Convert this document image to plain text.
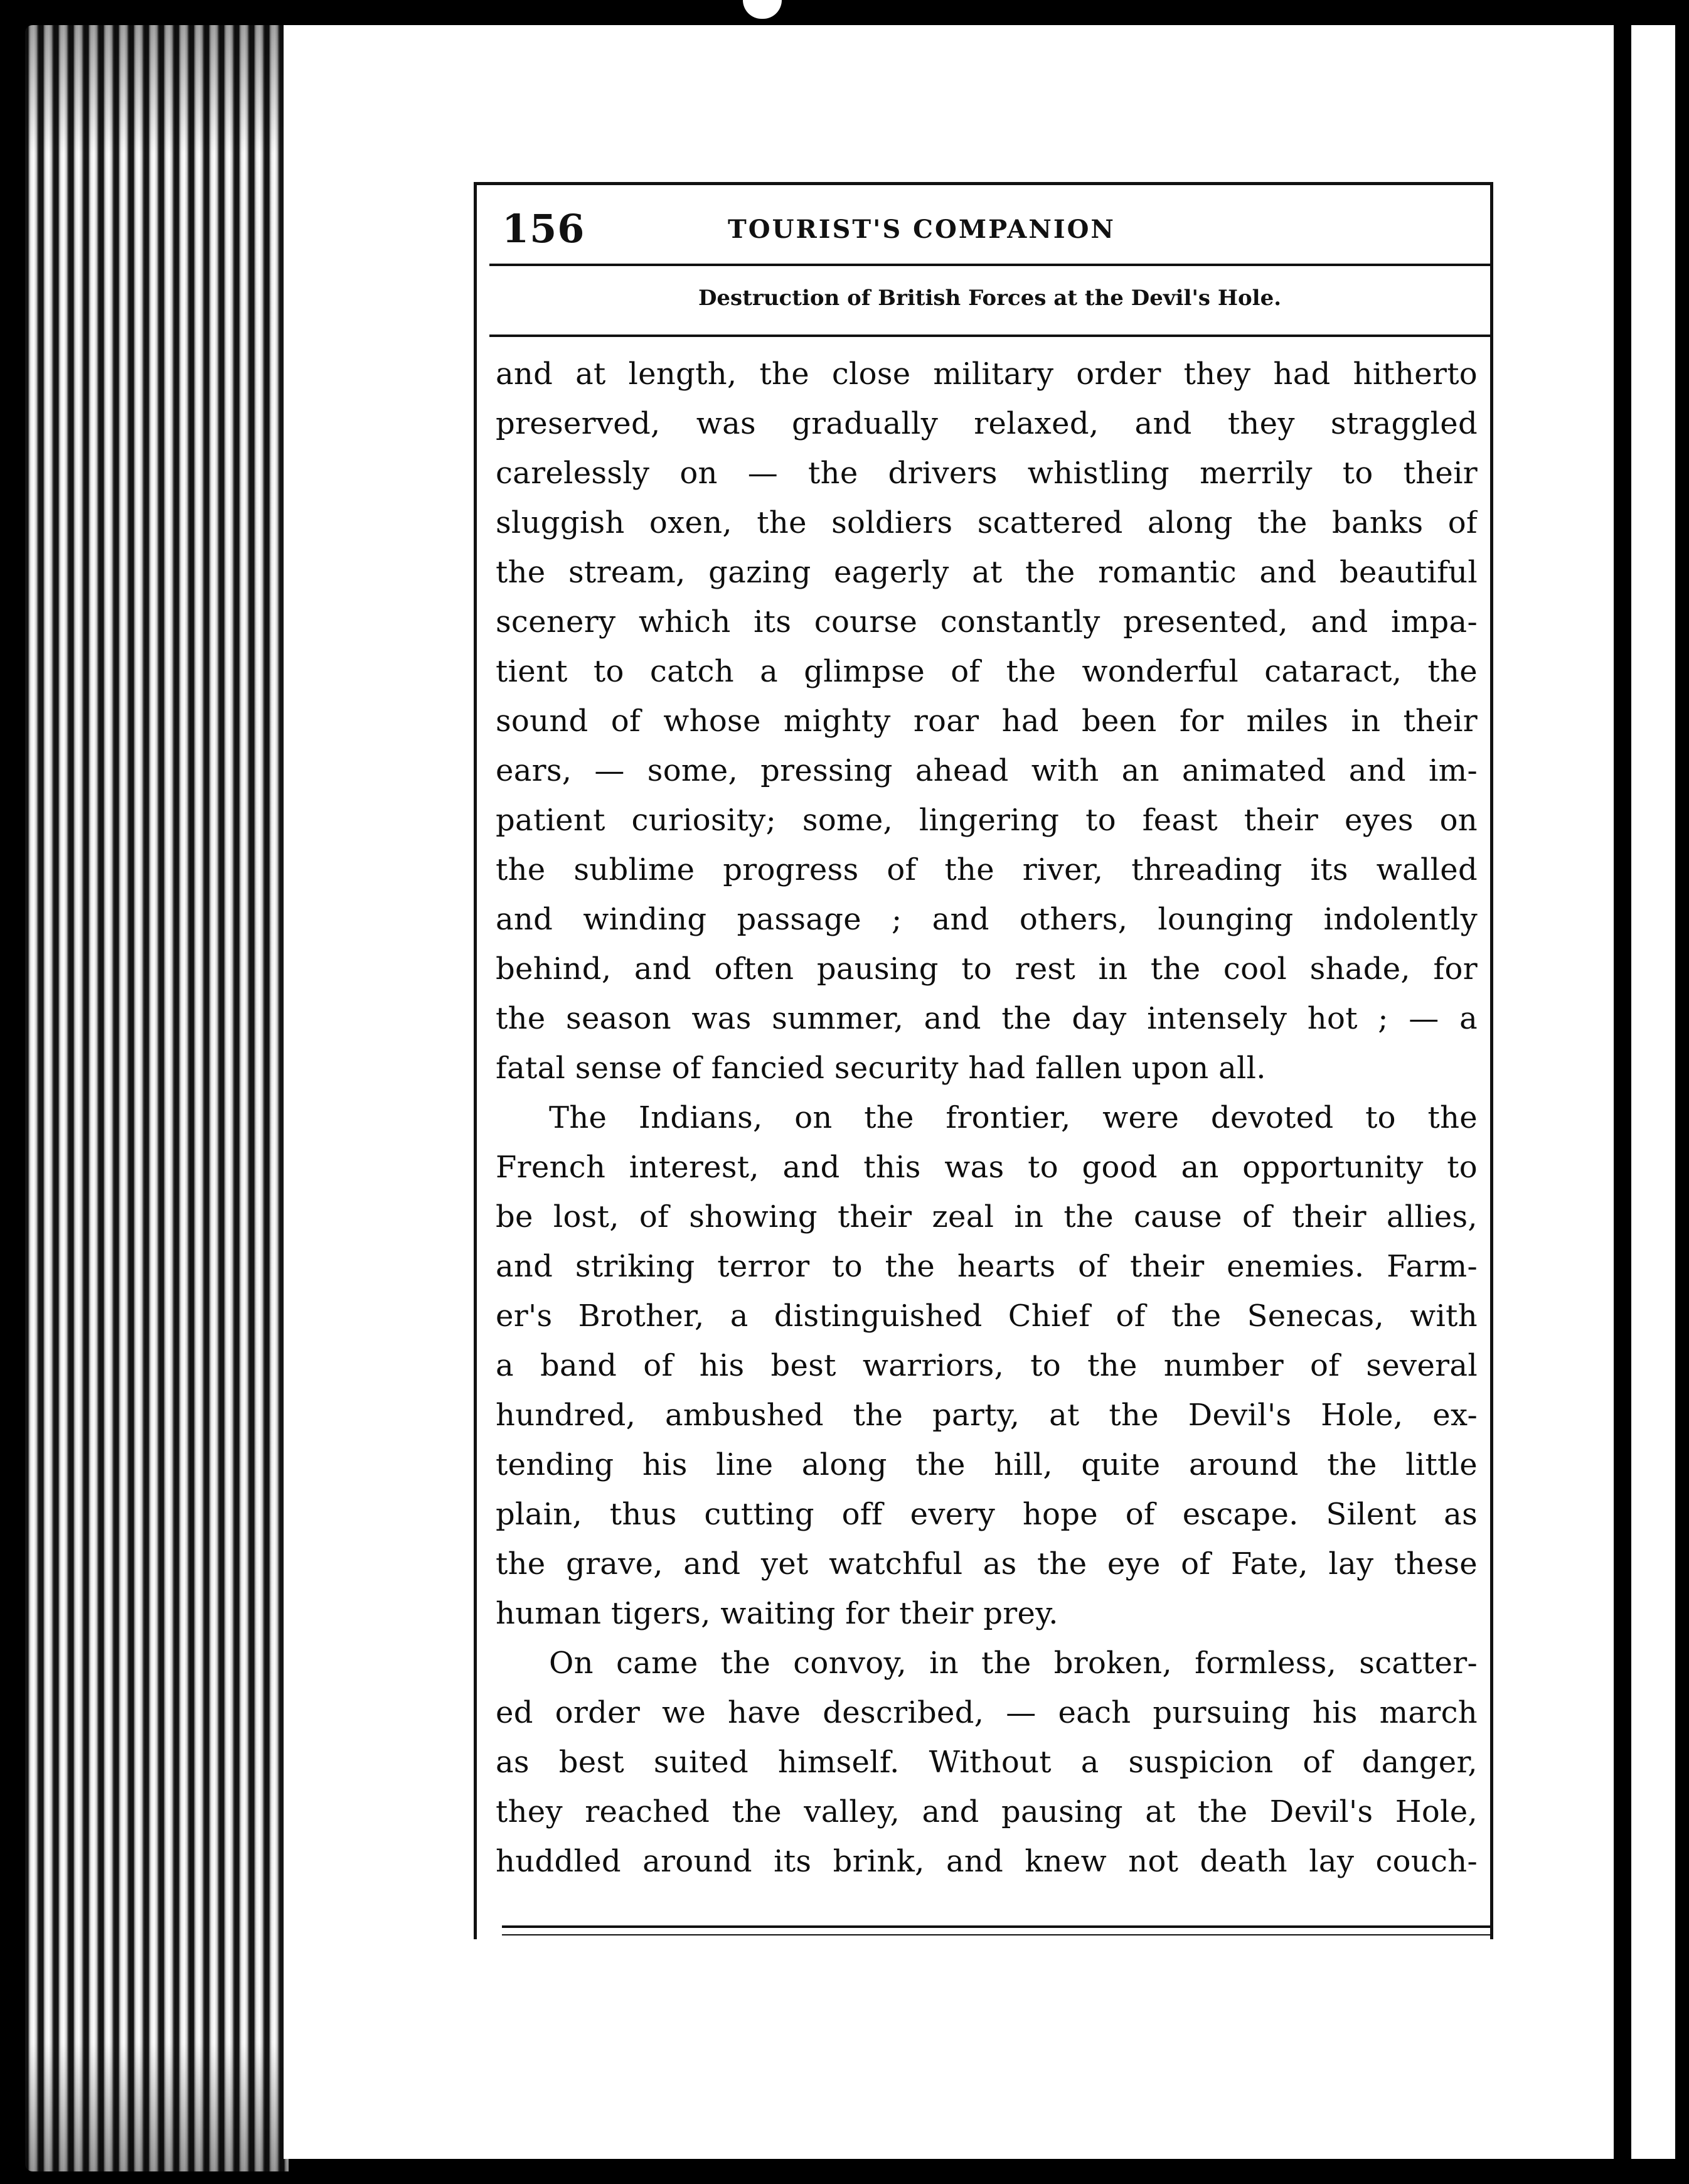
156	TOURIST'S COMPANION
Destruction of British Forces at the Devil's Hole.
and at length, the close military order they had hitherto
preserved, was gradually relaxed, and they straggled
carelessly on — the drivers whistling merrily to their
sluggish oxen, the soldiers scattered along the banks of
the stream, gazing eagerly at the romantic and beautiful
scenery which its course constantly presented, and impa-
tient to catch a glimpse of the wonderful cataract, the
sound of whose mighty roar had been for miles in their
ears, — some, pressing ahead with an animated and im-
patient curiosity; some, lingering to feast their eyes on
the sublime progress of the river, threading its walled
and winding passage ; and others, lounging indolently
behind, and often pausing to rest in the cool shade, for
the season was summer, and the day intensely hot ; — a
fatal sense of fancied security had fallen upon all.
The Indians, on the frontier, were devoted to the
French interest, and this was to good an opportunity to
be lost, of showing their zeal in the cause of their allies,
and striking terror to the hearts of their enemies. Farm-
er's Brother, a distinguished Chief of the Senecas, with
a band of his best warriors, to the number of several
hundred, ambushed the party, at the Devil's Hole, ex-
tending his line along the hill, quite around the little
plain, thus cutting off every hope of escape. Silent as
the grave, and yet watchful as the eye of Fate, lay these
human tigers, waiting for their prey.
On came the convoy, in the broken, formless, scatter-
ed order we have described, — each pursuing his march
as best suited himself. Without a suspicion of danger,
they reached the valley, and pausing at the Devil's Hole,
huddled around its brink, and knew not death lay couch-
